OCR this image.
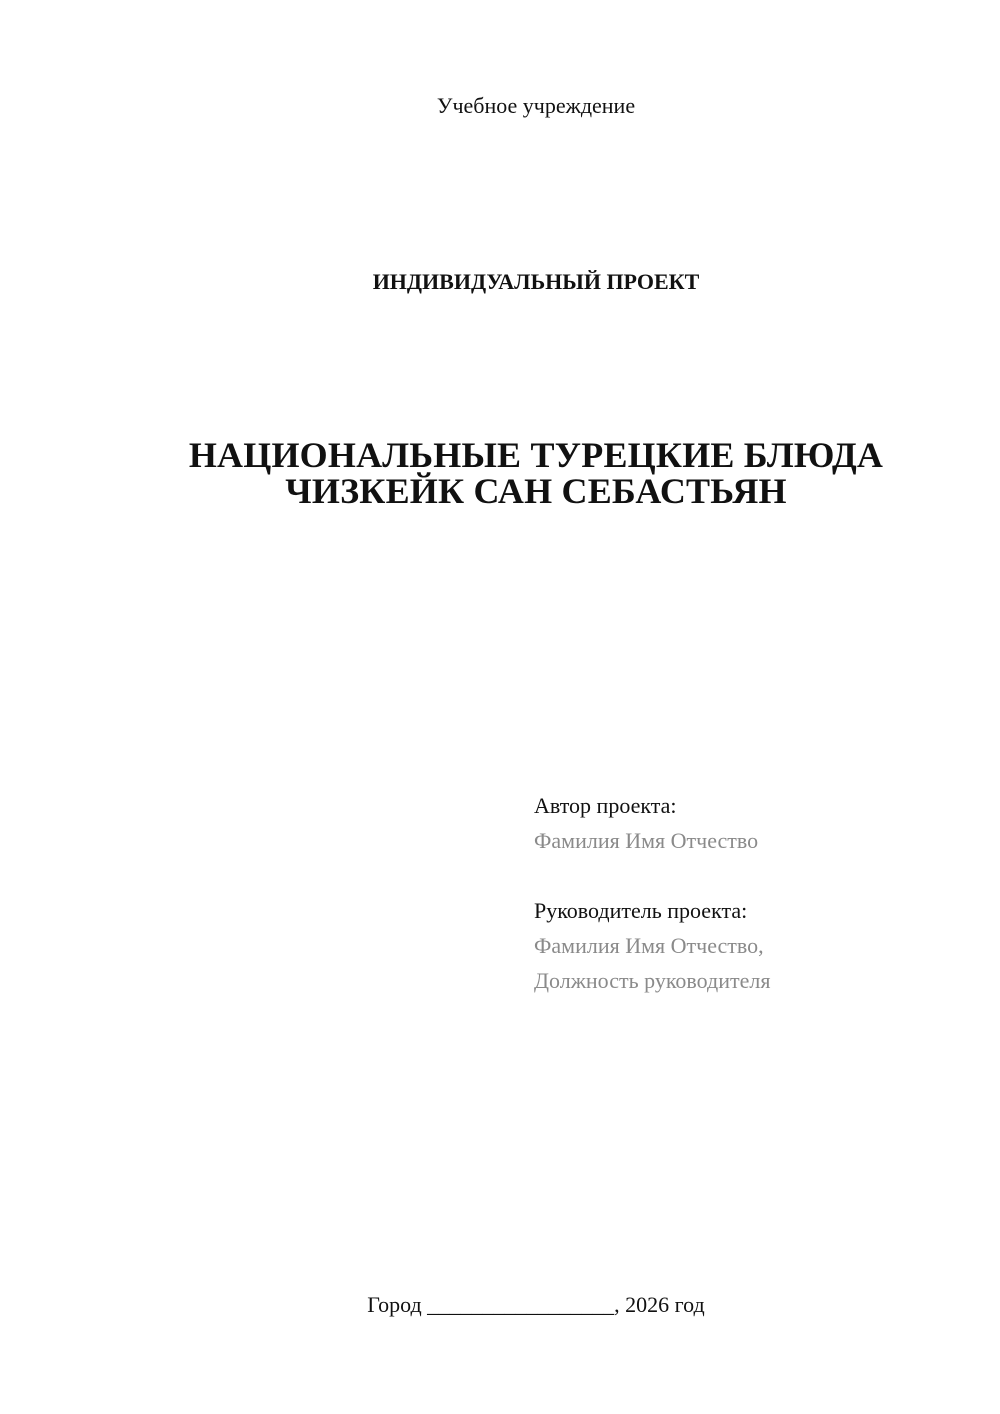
Учебное учреждение
ИНДИВИДУАЛЬНЫЙ ПРОЕКТ
НАЦИОНАЛЬНЫЕ ТУРЕЦКИЕ БЛЮДА
ЧИЗКЕЙК САН СЕБАСТЬЯН
Автор проекта:
Фамилия Имя Отчество
Руководитель проекта:
Фамилия Имя Отчество,
Должность руководителя
Город _________________, 2026 год
